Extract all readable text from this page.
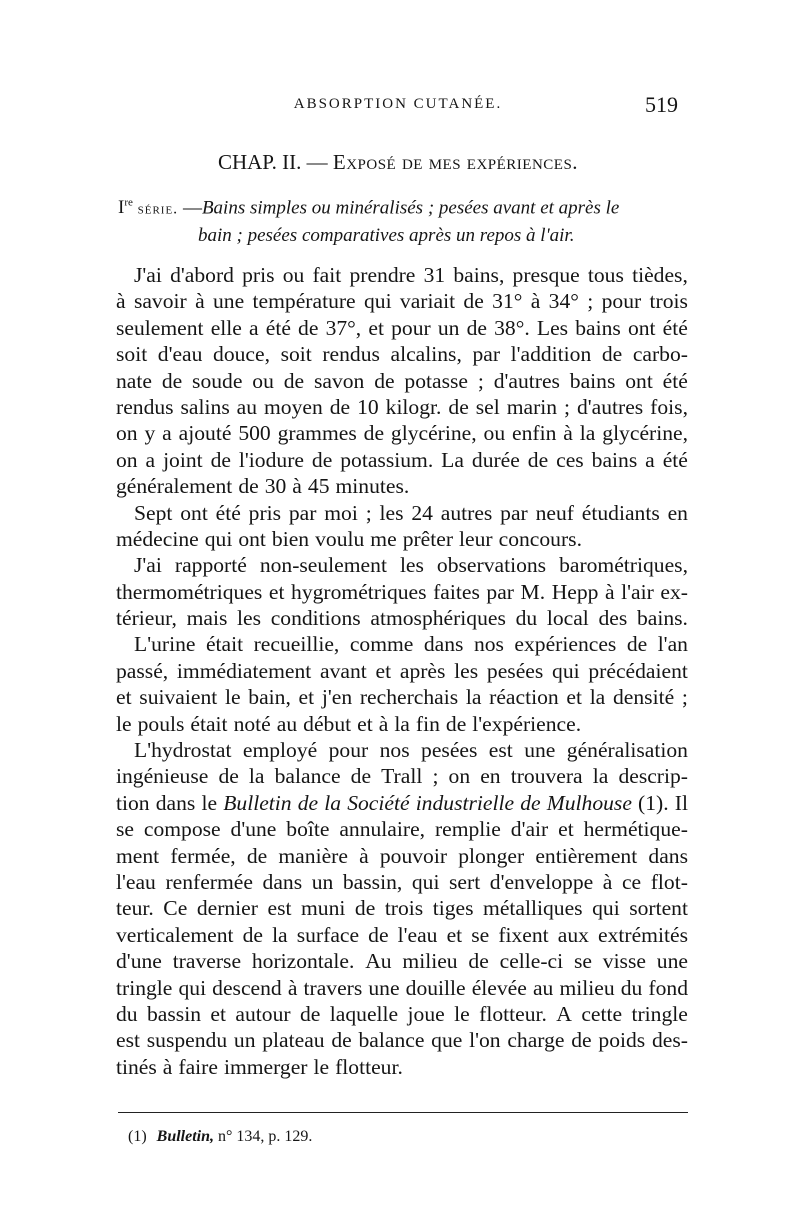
ABSORPTION CUTANÉE.	519
CHAP. II. — Exposé de mes expériences.
Ire série. —Bains simples ou minéralisés ; pesées avant et après le
bain ; pesées comparatives après un repos à l'air.
J'ai d'abord pris ou fait prendre 31 bains, presque tous tièdes,
à savoir à une température qui variait de 31° à 34° ; pour trois
seulement elle a été de 37°, et pour un de 38°. Les bains ont été
soit d'eau douce, soit rendus alcalins, par l'addition de carbo-
nate de soude ou de savon de potasse ; d'autres bains ont été
rendus salins au moyen de 10 kilogr. de sel marin ; d'autres fois,
on y a ajouté 500 grammes de glycérine, ou enfin à la glycérine,
on a joint de l'iodure de potassium. La durée de ces bains a été
généralement de 30 à 45 minutes.
Sept ont été pris par moi ; les 24 autres par neuf étudiants en
médecine qui ont bien voulu me prêter leur concours.
J'ai rapporté non-seulement les observations barométriques,
thermométriques et hygrométriques faites par M. Hepp à l'air ex-
térieur, mais les conditions atmosphériques du local des bains.
L'urine était recueillie, comme dans nos expériences de l'an
passé, immédiatement avant et après les pesées qui précédaient
et suivaient le bain, et j'en recherchais la réaction et la densité ;
le pouls était noté au début et à la fin de l'expérience.
L'hydrostat employé pour nos pesées est une généralisation
ingénieuse de la balance de Trall ; on en trouvera la descrip-
tion dans le Bulletin de la Société industrielle de Mulhouse (1). Il
se compose d'une boîte annulaire, remplie d'air et hermétique-
ment fermée, de manière à pouvoir plonger entièrement dans
l'eau renfermée dans un bassin, qui sert d'enveloppe à ce flot-
teur. Ce dernier est muni de trois tiges métalliques qui sortent
verticalement de la surface de l'eau et se fixent aux extrémités
d'une traverse horizontale. Au milieu de celle-ci se visse une
tringle qui descend à travers une douille élevée au milieu du fond
du bassin et autour de laquelle joue le flotteur. A cette tringle
est suspendu un plateau de balance que l'on charge de poids des-
tinés à faire immerger le flotteur.
(1) Bulletin, n° 134, p. 129.
